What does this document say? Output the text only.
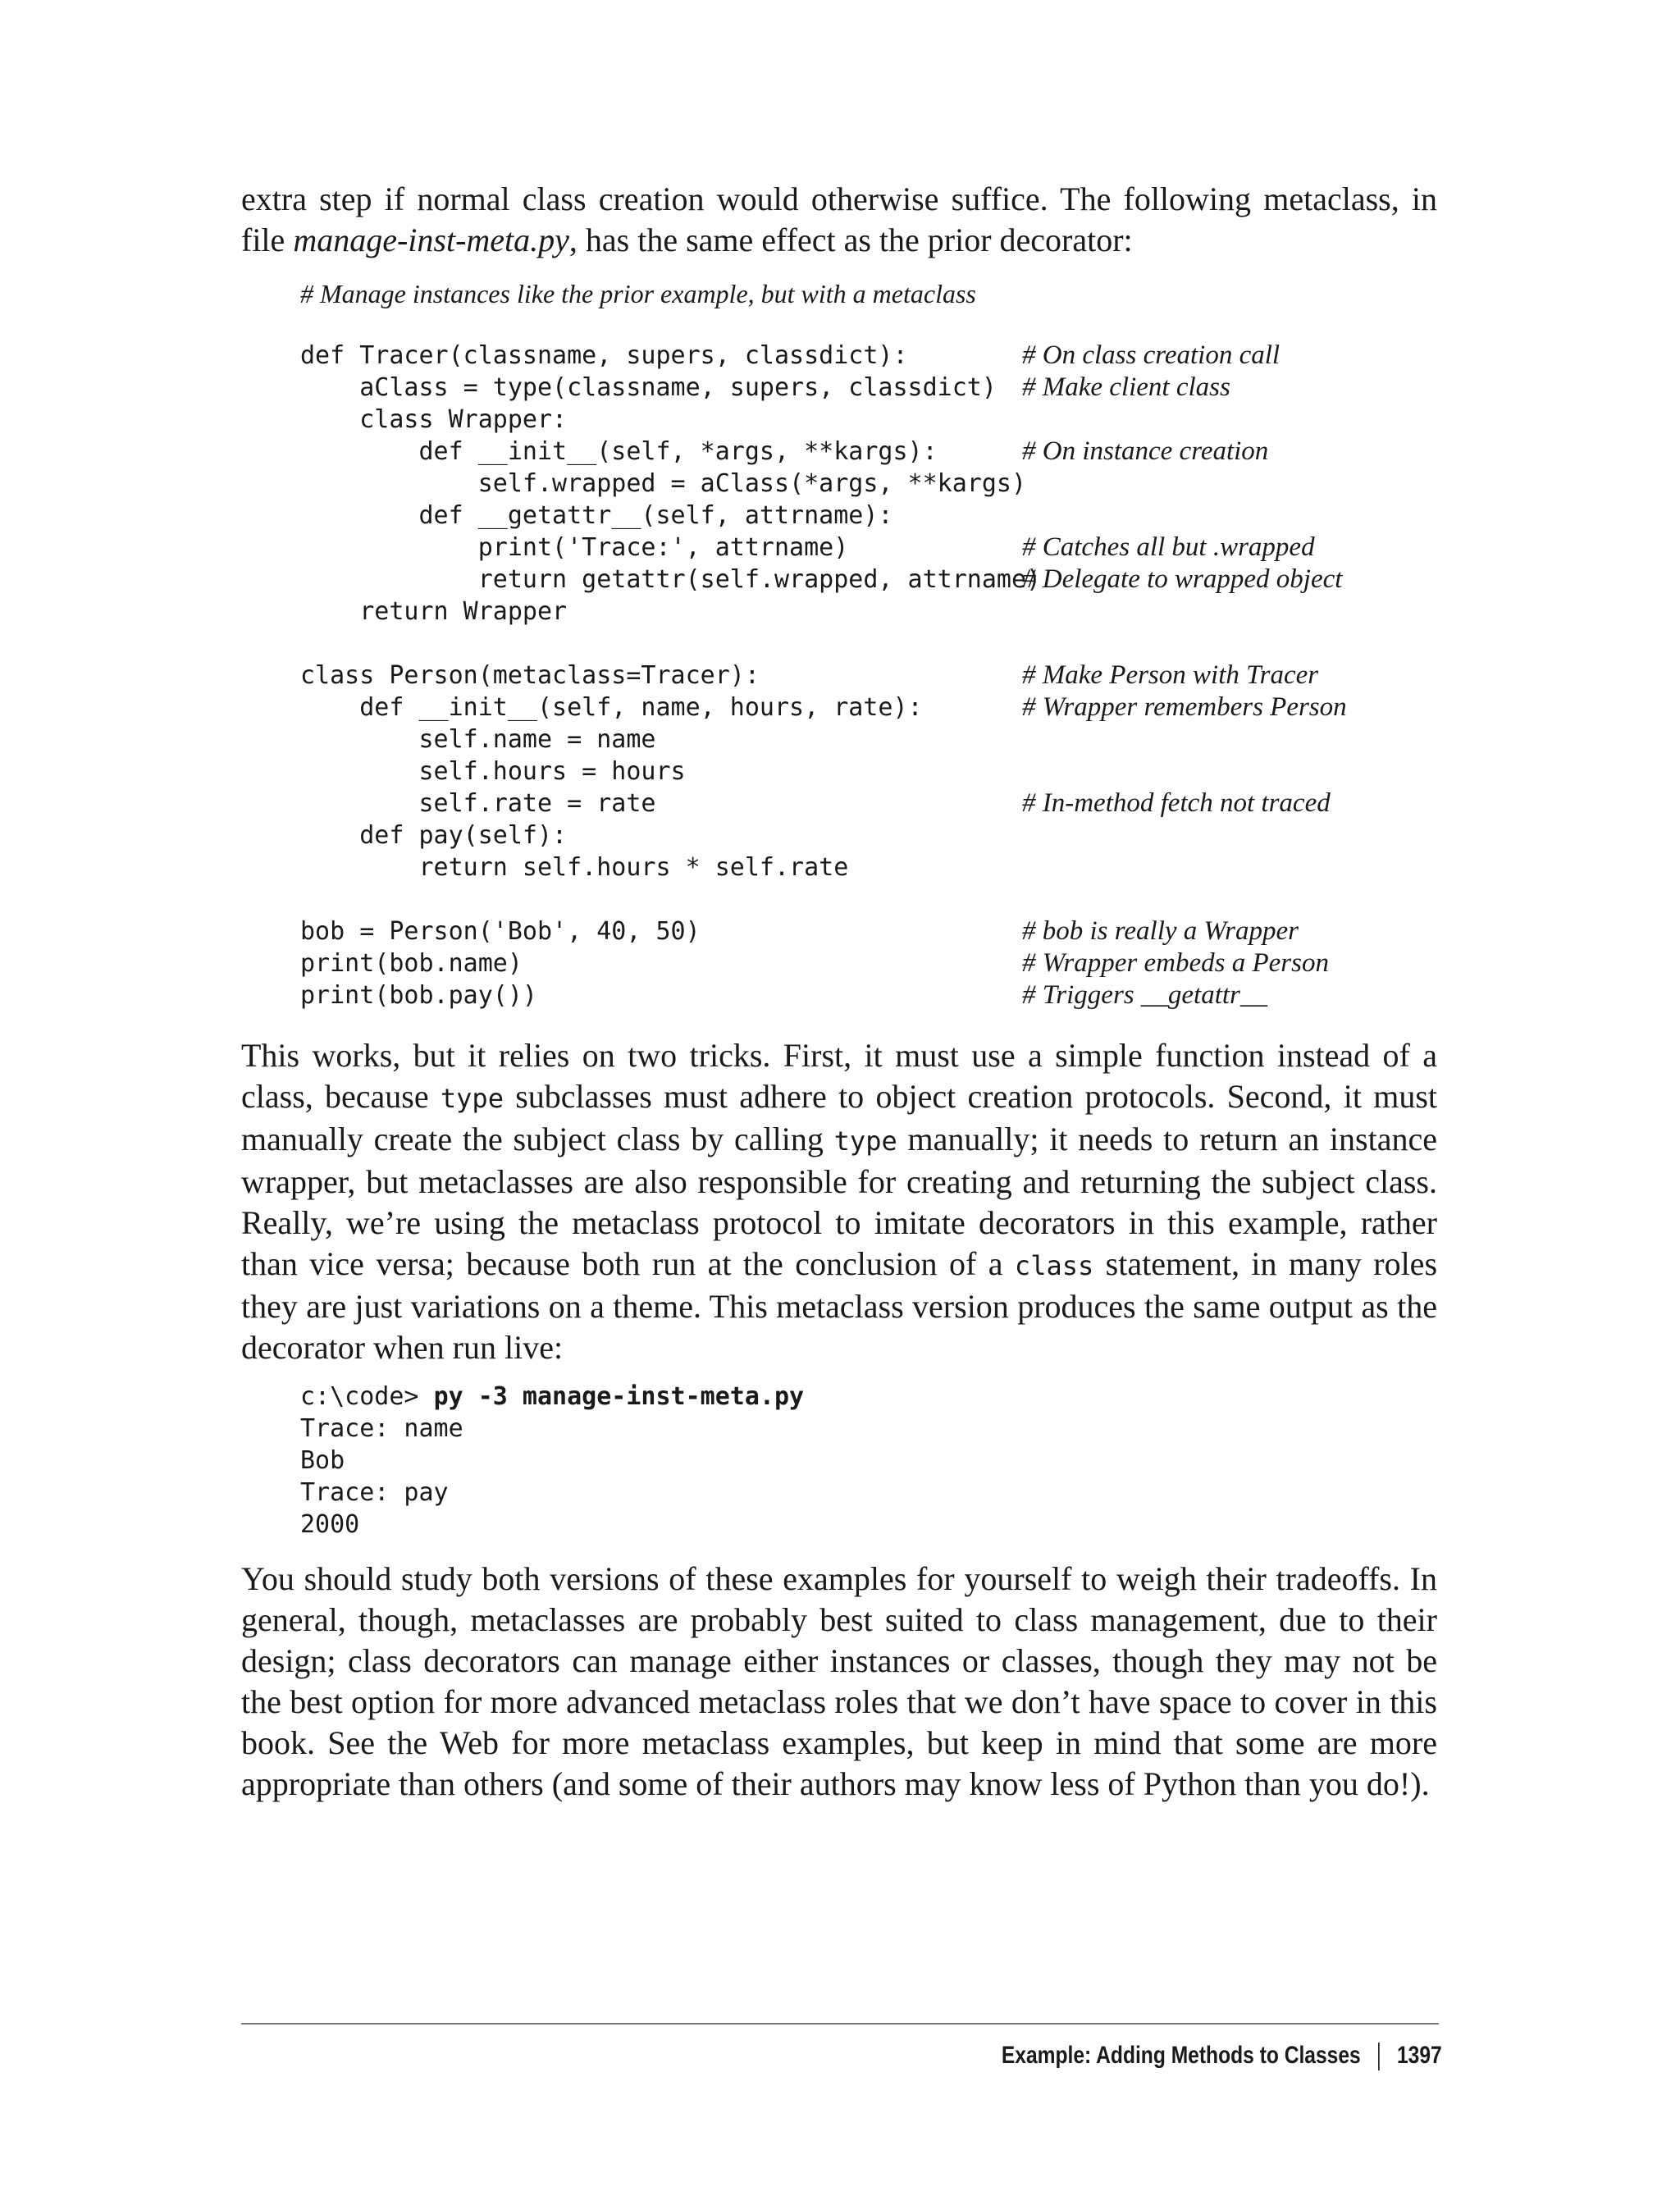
extra step if normal class creation would otherwise suffice. The following metaclass, in file manage-inst-meta.py, has the same effect as the prior decorator:

# Manage instances like the prior example, but with a metaclass
def Tracer(classname, supers, classdict):	# On class creation call
aClass = type(classname, supers, classdict) # Make client class
class Wrapper:
def __init__(self, *args, **kargs):	# On instance creation
self.wrapped = aClass(*args, **kargs)
def __getattr__(self, attrname):
print('Trace:', attrname)	# Catches all but .wrapped
return getattr(self.wrapped, attrname)
# Delegate to wrapped object
return Wrapper
class Person(metaclass=Tracer):	# Make Person with Tracer
def __init__(self, name, hours, rate):	# Wrapper remembers Person
self.name = name
self.hours = hours
self.rate = rate	# In-method fetch not traced
def pay(self):
return self.hours * self.rate
bob = Person('Bob', 40, 50)	# bob is really a Wrapper
print(bob.name)	# Wrapper embeds a Person
print(bob.pay())	# Triggers __getattr__

This works, but it relies on two tricks. First, it must use a simple function instead of a class, because type subclasses must adhere to object creation protocols. Second, it must manually create the subject class by calling type manually; it needs to return an instance wrapper, but metaclasses are also responsible for creating and returning the subject class. Really, we’re using the metaclass protocol to imitate decorators in this example, rather than vice versa; because both run at the conclusion of a class statement, in many roles they are just variations on a theme. This metaclass version produces the same output as the decorator when run live:

c:\code> py -3 manage-inst-meta.py
Trace: name
Bob
Trace: pay
2000

You should study both versions of these examples for yourself to weigh their tradeoffs. In general, though, metaclasses are probably best suited to class management, due to their design; class decorators can manage either instances or classes, though they may not be the best option for more advanced metaclass roles that we don’t have space to cover in this book. See the Web for more metaclass examples, but keep in mind that some are more appropriate than others (and some of their authors may know less of Python than you do!).

Example: Adding Methods to Classes 1397
